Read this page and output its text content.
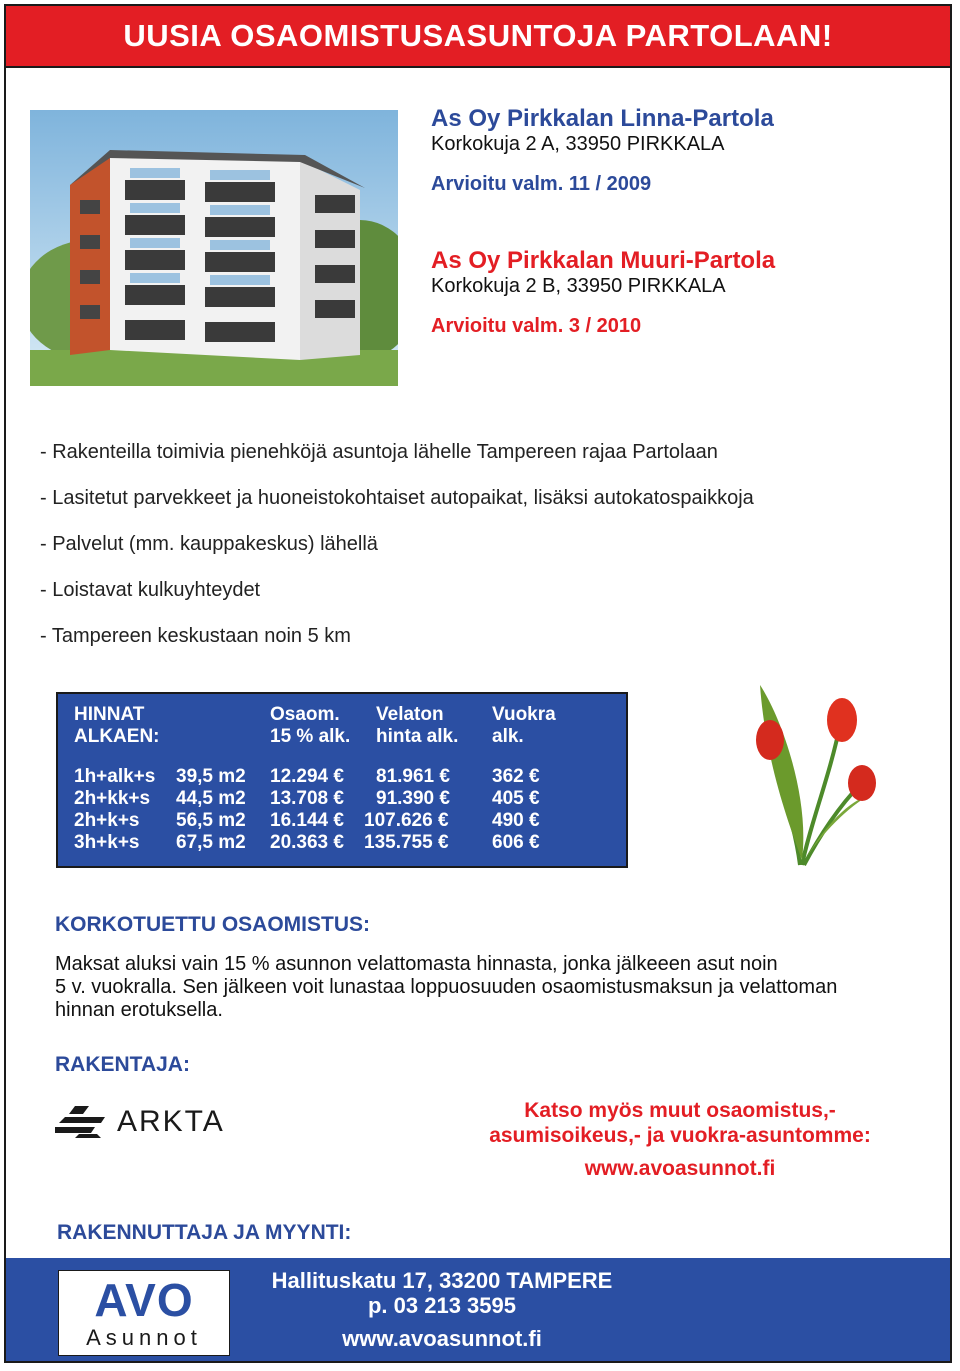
UUSIA OSAOMISTUSASUNTOJA PARTOLAAN!
As Oy Pirkkalan Linna-Partola
Korkokuja 2 A, 33950 PIRKKALA
Arvioitu valm. 11 / 2009
As Oy Pirkkalan Muuri-Partola
Korkokuja 2 B, 33950 PIRKKALA
Arvioitu valm. 3 / 2010
- Rakenteilla toimivia pienehköjä asuntoja lähelle Tampereen rajaa Partolaan
- Lasitetut parvekkeet ja huoneistokohtaiset autopaikat, lisäksi autokatospaikkoja
- Palvelut (mm. kauppakeskus) lähellä
- Loistavat kulkuyhteydet
- Tampereen keskustaan noin 5 km
HINNAT
ALKAEN:
Osaom.
15 % alk.
Velaton
hinta alk.
Vuokra
alk.
1h+alk+s 39,5 m2 12.294 € 81.961 € 362 €
2h+kk+s 44,5 m2 13.708 € 91.390 € 405 €
2h+k+s 56,5 m2 16.144 € 107.626 € 490 €
3h+k+s 67,5 m2 20.363 € 135.755 € 606 €
KORKOTUETTU OSAOMISTUS:
Maksat aluksi vain 15 % asunnon velattomasta hinnasta, jonka jälkeeen asut noin
5 v. vuokralla. Sen jälkeen voit lunastaa loppuosuuden osaomistusmaksun ja velattoman
hinnan erotuksella.
RAKENTAJA:
ARKTA	Katso myös muut osaomistus,-
asumisoikeus,- ja vuokra-asuntomme:
www.avoasunnot.fi
RAKENNUTTAJA JA MYYNTI:
AVO
Asunnot
Hallituskatu 17, 33200 TAMPERE
p. 03 213 3595
www.avoasunnot.fi
